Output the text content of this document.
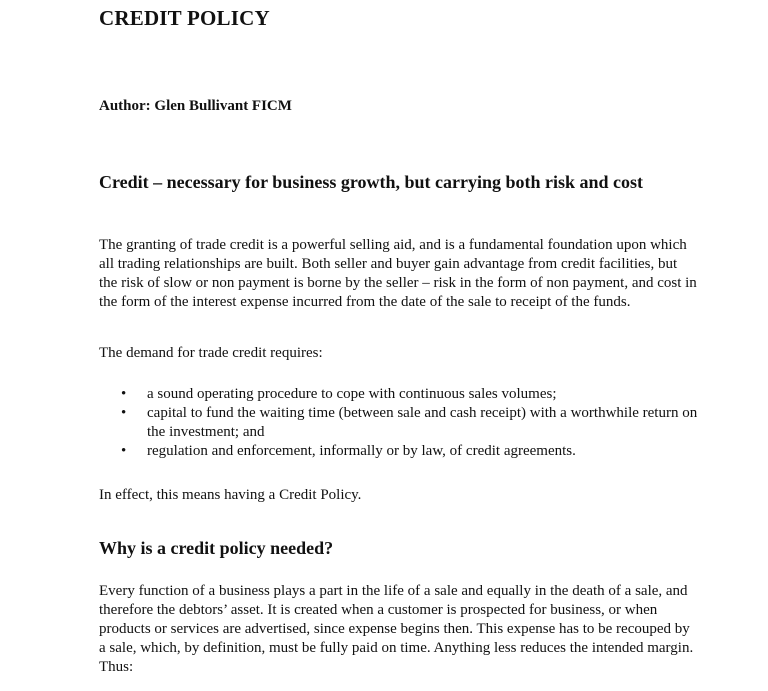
CREDIT POLICY

Author: Glen Bullivant FICM

Credit – necessary for business growth, but carrying both risk and cost

The granting of trade credit is a powerful selling aid, and is a fundamental foundation upon which all trading relationships are built. Both seller and buyer gain advantage from credit facilities, but the risk of slow or non payment is borne by the seller – risk in the form of non payment, and cost in the form of the interest expense incurred from the date of the sale to receipt of the funds.

The demand for trade credit requires:

• a sound operating procedure to cope with continuous sales volumes;
• capital to fund the waiting time (between sale and cash receipt) with a worthwhile return on the investment; and
• regulation and enforcement, informally or by law, of credit agreements.

In effect, this means having a Credit Policy.

Why is a credit policy needed?

Every function of a business plays a part in the life of a sale and equally in the death of a sale, and therefore the debtors’ asset. It is created when a customer is prospected for business, or when products or services are advertised, since expense begins then. This expense has to be recouped by a sale, which, by definition, must be fully paid on time. Anything less reduces the intended margin. Thus:
